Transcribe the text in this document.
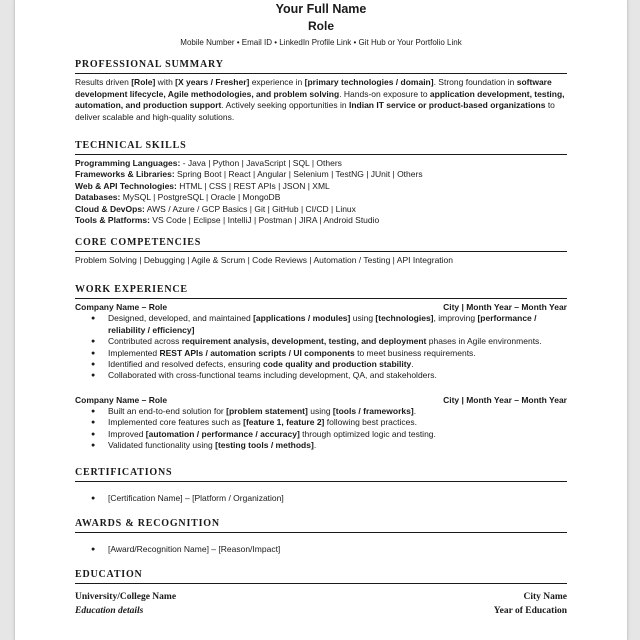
Your Full Name
Role
Mobile Number • Email ID • LinkedIn Profile Link • Git Hub or Your Portfolio Link
PROFESSIONAL SUMMARY

Results driven [Role] with [X years / Fresher] experience in [primary technologies / domain]. Strong foundation in software development lifecycle, Agile methodologies, and problem solving. Hands-on exposure to application development, testing, automation, and production support. Actively seeking opportunities in Indian IT service or product-based organizations to deliver scalable and high-quality solutions.

TECHNICAL SKILLS

Programming Languages: - Java | Python | JavaScript | SQL | Others

Frameworks & Libraries: Spring Boot | React | Angular | Selenium | TestNG | JUnit | Others

Web & API Technologies: HTML | CSS | REST APIs | JSON | XML

Databases: MySQL | PostgreSQL | Oracle | MongoDB

Cloud & DevOps: AWS / Azure / GCP Basics | Git | GitHub | CI/CD | Linux

Tools & Platforms: VS Code | Eclipse | IntelliJ | Postman | JIRA | Android Studio

CORE COMPETENCIES

Problem Solving | Debugging | Agile & Scrum | Code Reviews | Automation / Testing | API Integration

WORK EXPERIENCE
Company Name – Role	City | Month Year – Month Year
● Designed, developed, and maintained [applications / modules] using [technologies], improving [performance / reliability / efficiency]
● Contributed across requirement analysis, development, testing, and deployment phases in Agile environments.
● Implemented REST APIs / automation scripts / UI components to meet business requirements.
● Identified and resolved defects, ensuring code quality and production stability.
● Collaborated with cross-functional teams including development, QA, and stakeholders.
Company Name – Role	City | Month Year – Month Year
● Built an end-to-end solution for [problem statement] using [tools / frameworks].
● Implemented core features such as [feature 1, feature 2] following best practices.
● Improved [automation / performance / accuracy] through optimized logic and testing.
● Validated functionality using [testing tools / methods].
CERTIFICATIONS
● [Certification Name] – [Platform / Organization]
AWARDS & RECOGNITION
● [Award/Recognition Name] – [Reason/Impact]
EDUCATION
University/College Name	City Name
Education details	Year of Education
